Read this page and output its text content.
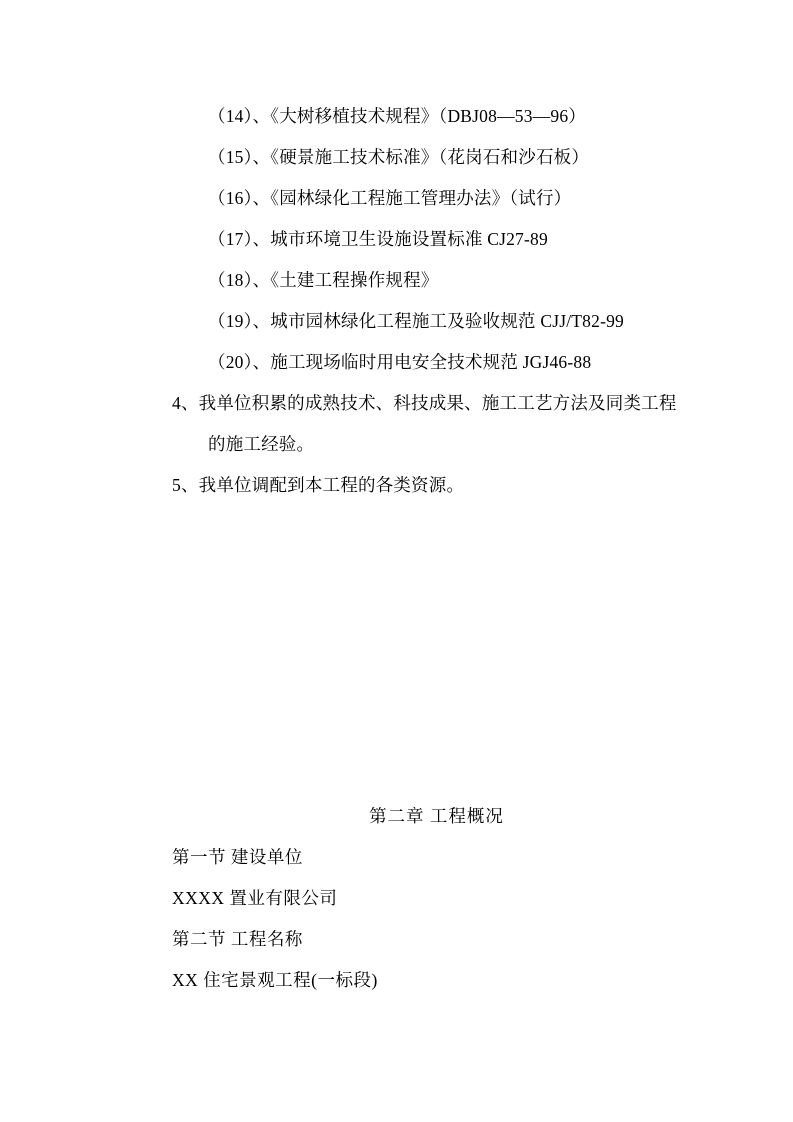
（14）、《大树移植技术规程》（DBJ08—53—96）

（15）、《硬景施工技术标准》（花岗石和沙石板）

（16）、《园林绿化工程施工管理办法》（试行）

（17）、城市环境卫生设施设置标准 CJ27-89

（18）、《土建工程操作规程》

（19）、城市园林绿化工程施工及验收规范 CJJ/T82-99

（20）、施工现场临时用电安全技术规范 JGJ46-88

4、我单位积累的成熟技术、科技成果、施工工艺方法及同类工程的施工经验。

5、我单位调配到本工程的各类资源。

第二章 工程概况

第一节 建设单位

XXXX 置业有限公司

第二节 工程名称

XX 住宅景观工程(一标段)
